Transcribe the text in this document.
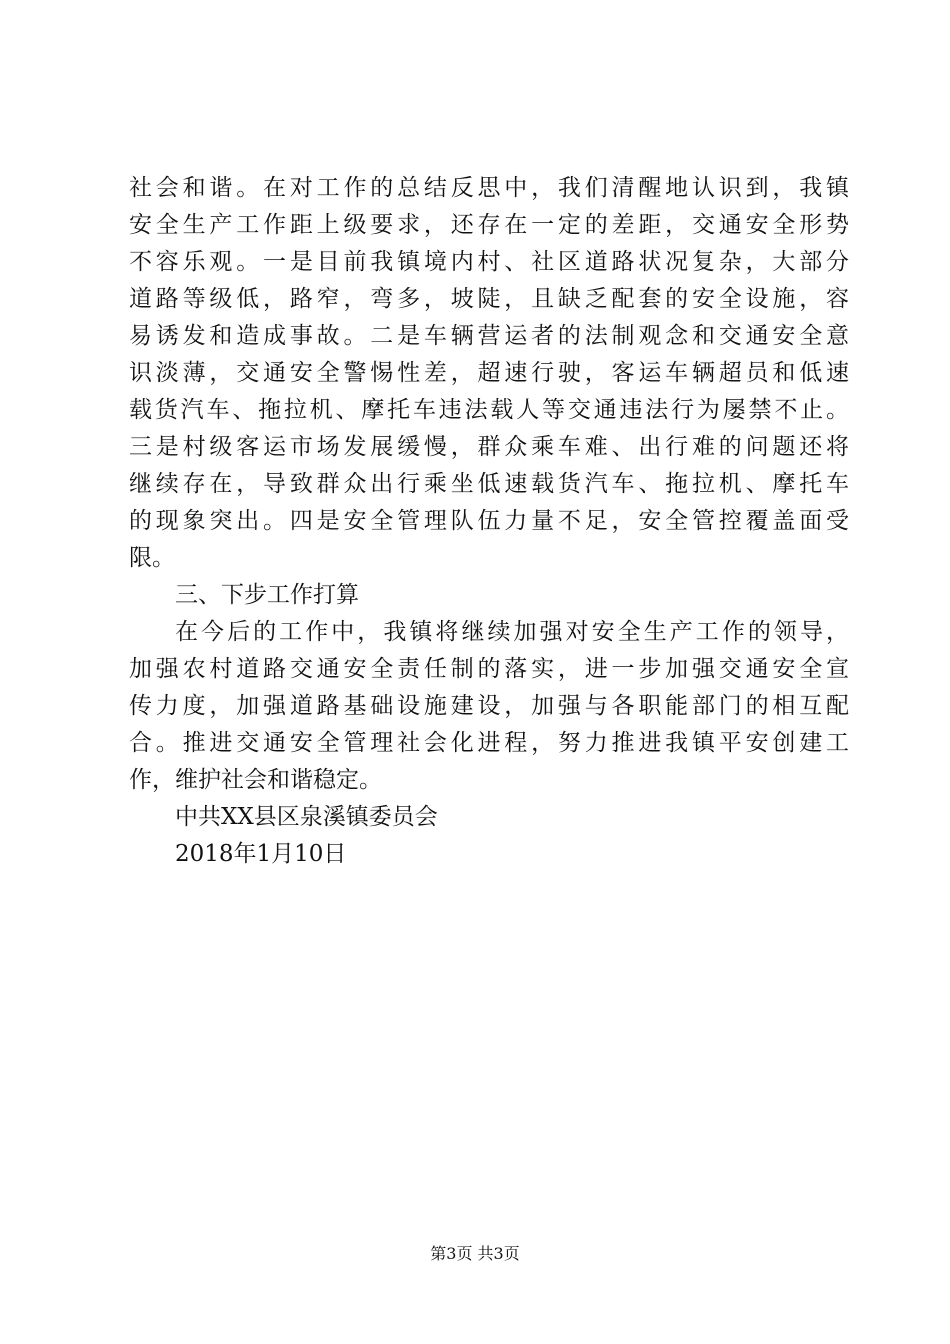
社会和谐。在对工作的总结反思中，我们清醒地认识到，我镇
安全生产工作距上级要求，还存在一定的差距，交通安全形势
不容乐观。一是目前我镇境内村、社区道路状况复杂，大部分
道路等级低，路窄，弯多，坡陡，且缺乏配套的安全设施，容
易诱发和造成事故。二是车辆营运者的法制观念和交通安全意
识淡薄，交通安全警惕性差，超速行驶，客运车辆超员和低速
载货汽车、拖拉机、摩托车违法载人等交通违法行为屡禁不止。
三是村级客运市场发展缓慢，群众乘车难、出行难的问题还将
继续存在，导致群众出行乘坐低速载货汽车、拖拉机、摩托车
的现象突出。四是安全管理队伍力量不足，安全管控覆盖面受
限。
三、下步工作打算
在今后的工作中，我镇将继续加强对安全生产工作的领导，
加强农村道路交通安全责任制的落实，进一步加强交通安全宣
传力度，加强道路基础设施建设，加强与各职能部门的相互配
合。推进交通安全管理社会化进程，努力推进我镇平安创建工
作，维护社会和谐稳定。
中共XX县区泉溪镇委员会
2018年1月10日
第3页 共3页
